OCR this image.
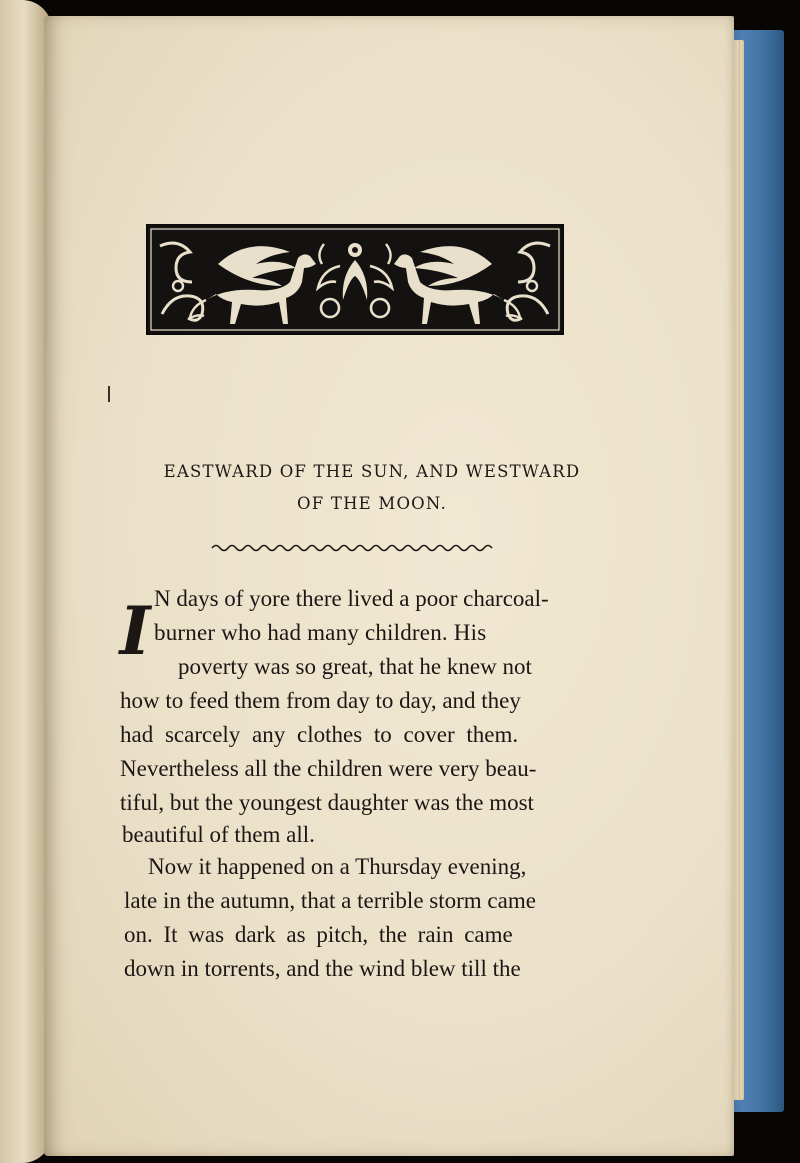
EASTWARD OF THE SUN, AND WESTWARD
OF THE MOON.
I N days of yore there lived a poor charcoal-
burner who had many children. His
poverty was so great, that he knew not
how to feed them from day to day, and they
had scarcely any clothes to cover them.
Nevertheless all the children were very beau-
tiful, but the youngest daughter was the most
beautiful of them all.
Now it happened on a Thursday evening,
late in the autumn, that a terrible storm came
on. It was dark as pitch, the rain came
down in torrents, and the wind blew till the
